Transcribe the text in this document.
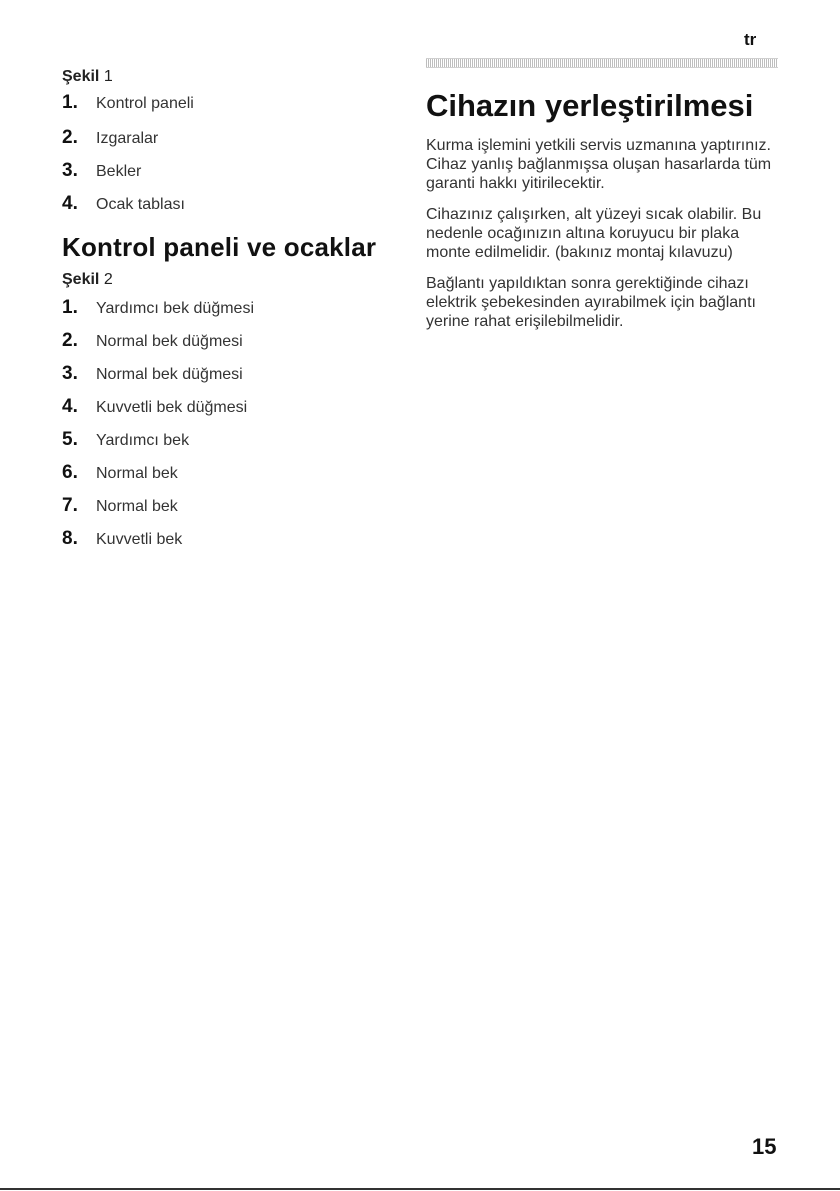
tr

Şekil 1

1. Kontrol paneli
2. Izgaralar
3. Bekler
4. Ocak tablası
Kontrol paneli ve ocaklar

Şekil 2

1. Yardımcı bek düğmesi
2. Normal bek düğmesi
3. Normal bek düğmesi
4. Kuvvetli bek düğmesi
5. Yardımcı bek
6. Normal bek
7. Normal bek
8. Kuvvetli bek
Cihazın yerleştirilmesi

Kurma işlemini yetkili servis uzmanına yaptırınız. Cihaz yanlış bağlanmışsa oluşan hasarlarda tüm garanti hakkı yitirilecektir.

Cihazınız çalışırken, alt yüzeyi sıcak olabilir. Bu nedenle ocağınızın altına koruyucu bir plaka monte edilmelidir. (bakınız montaj kılavuzu)

Bağlantı yapıldıktan sonra gerektiğinde cihazı elektrik şebekesinden ayırabilmek için bağlantı yerine rahat erişilebilmelidir.

15
